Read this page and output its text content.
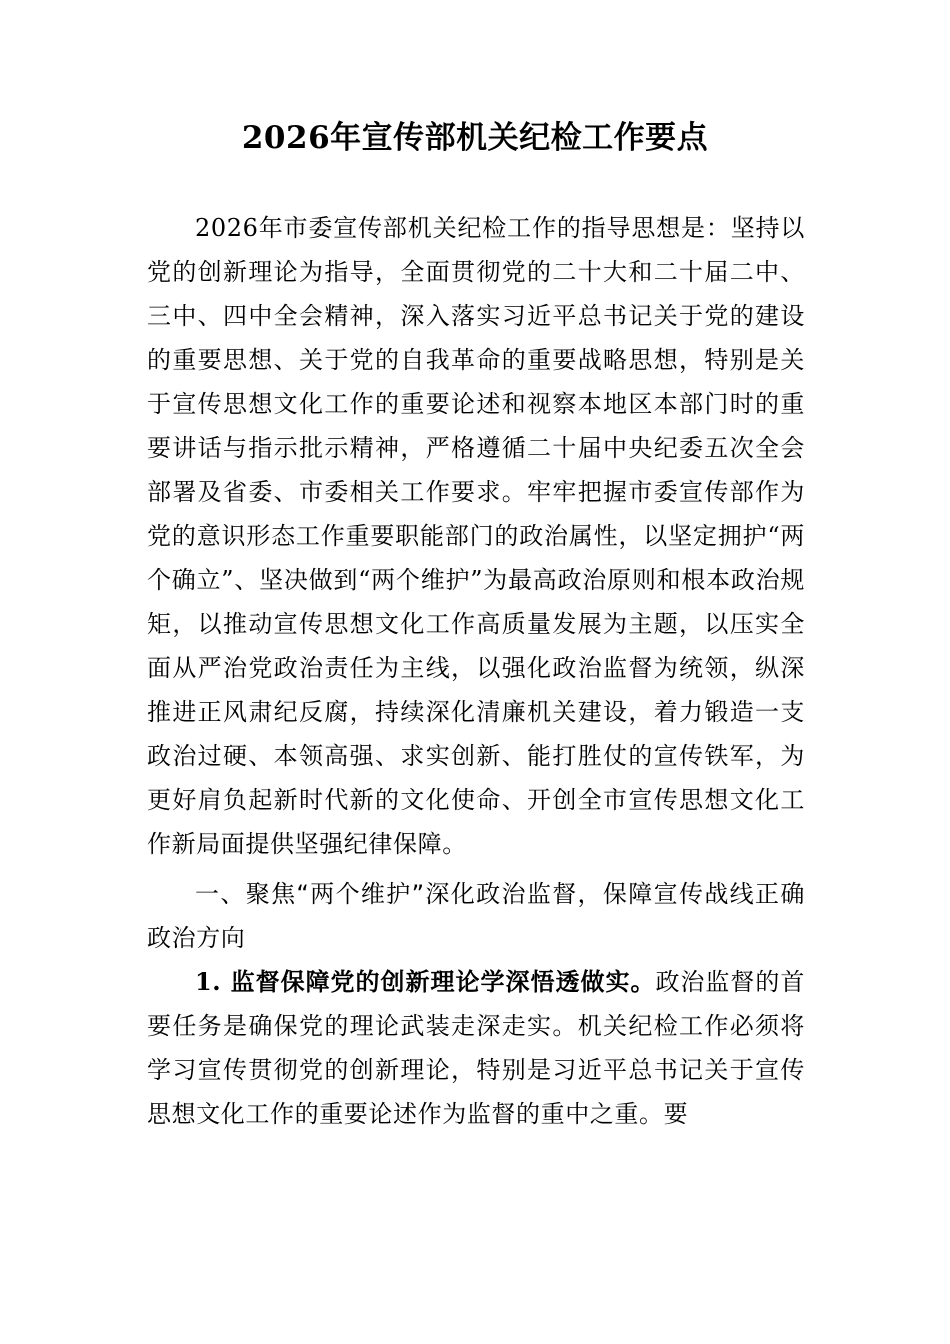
2026年宣传部机关纪检工作要点

2026年市委宣传部机关纪检工作的指导思想是：坚持以党的创新理论为指导，全面贯彻党的二十大和二十届二中、三中、四中全会精神，深入落实习近平总书记关于党的建设的重要思想、关于党的自我革命的重要战略思想，特别是关于宣传思想文化工作的重要论述和视察本地区本部门时的重要讲话与指示批示精神，严格遵循二十届中央纪委五次全会部署及省委、市委相关工作要求。牢牢把握市委宣传部作为党的意识形态工作重要职能部门的政治属性，以坚定拥护“两个确立”、坚决做到“两个维护”为最高政治原则和根本政治规矩，以推动宣传思想文化工作高质量发展为主题，以压实全面从严治党政治责任为主线，以强化政治监督为统领，纵深推进正风肃纪反腐，持续深化清廉机关建设，着力锻造一支政治过硬、本领高强、求实创新、能打胜仗的宣传铁军，为更好肩负起新时代新的文化使命、开创全市宣传思想文化工作新局面提供坚强纪律保障。

一、聚焦“两个维护”深化政治监督，保障宣传战线正确政治方向

1. 监督保障党的创新理论学深悟透做实。政治监督的首要任务是确保党的理论武装走深走实。机关纪检工作必须将学习宣传贯彻党的创新理论，特别是习近平总书记关于宣传思想文化工作的重要论述作为监督的重中之重。要
